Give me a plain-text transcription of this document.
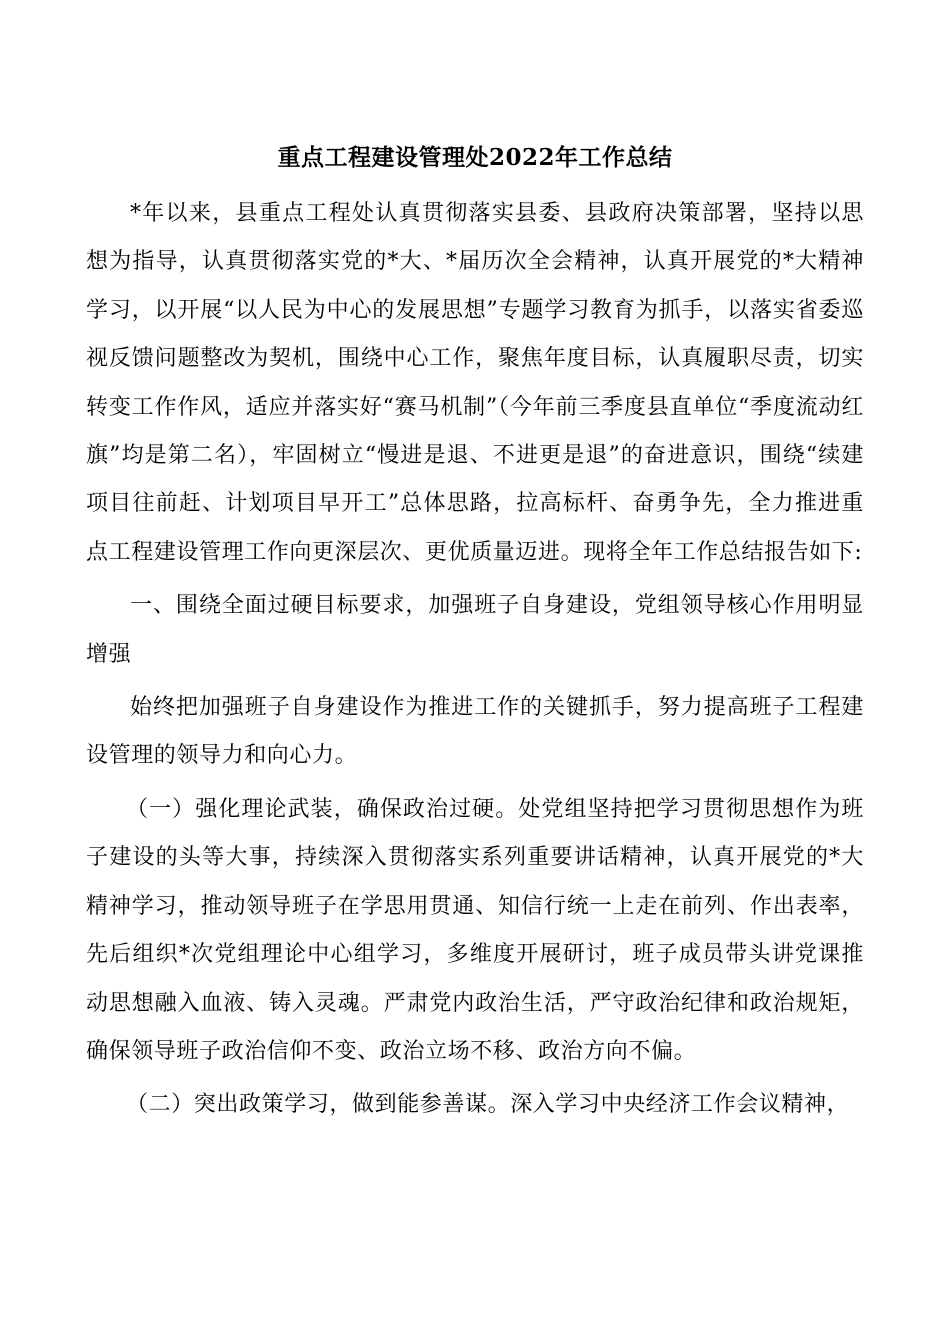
重点工程建设管理处2022年工作总结

*年以来，县重点工程处认真贯彻落实县委、县政府决策部署，坚持以思想为指导，认真贯彻落实党的*大、*届历次全会精神，认真开展党的*大精神学习，以开展“以人民为中心的发展思想”专题学习教育为抓手，以落实省委巡视反馈问题整改为契机，围绕中心工作，聚焦年度目标，认真履职尽责，切实转变工作作风，适应并落实好“赛马机制”（今年前三季度县直单位“季度流动红旗”均是第二名），牢固树立“慢进是退、不进更是退”的奋进意识，围绕“续建项目往前赶、计划项目早开工”总体思路，拉高标杆、奋勇争先，全力推进重点工程建设管理工作向更深层次、更优质量迈进。现将全年工作总结报告如下:

一、围绕全面过硬目标要求，加强班子自身建设，党组领导核心作用明显增强

始终把加强班子自身建设作为推进工作的关键抓手，努力提高班子工程建设管理的领导力和向心力。

（一）强化理论武装，确保政治过硬。处党组坚持把学习贯彻思想作为班子建设的头等大事，持续深入贯彻落实系列重要讲话精神，认真开展党的*大精神学习，推动领导班子在学思用贯通、知信行统一上走在前列、作出表率，先后组织*次党组理论中心组学习，多维度开展研讨，班子成员带头讲党课推动思想融入血液、铸入灵魂。严肃党内政治生活，严守政治纪律和政治规矩，确保领导班子政治信仰不变、政治立场不移、政治方向不偏。

（二）突出政策学习，做到能参善谋。深入学习中央经济工作会议精神，
